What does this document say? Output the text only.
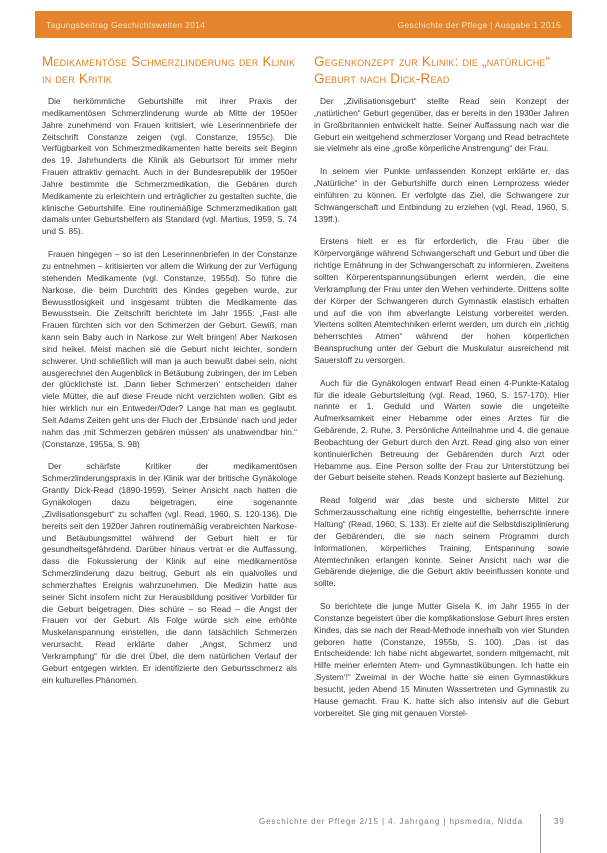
Tagungsbeitrag Geschichtswelten 2014	Geschichte der Pflege | Ausgabe 1 2015
Medikamentöse Schmerzlinderung der Klinik in der Kritik

Die herkömmliche Geburtshilfe mit ihrer Praxis der medikamentösen Schmerzlinderung wurde ab Mitte der 1950er Jahre zunehmend von Frauen kritisiert, wie Leserinnenbriefe der Zeitschrift Constanze zeigen (vgl. Constanze, 1955c). Die Verfügbarkeit von Schmerzmedikamenten hatte bereits seit Beginn des 19. Jahrhunderts die Klinik als Geburtsort für immer mehr Frauen attraktiv gemacht. Auch in der Bundesrepublik der 1950er Jahre bestimmte die Schmerzmedikation, die Gebären durch Medikamente zu erleichtern und erträglicher zu gestalten suchte, die klinische Geburtshilfe. Eine routinemäßige Schmerzmedikation galt damals unter Geburtshelfern als Standard (vgl. Martius, 1959, S. 74 und S. 85).

Frauen hingegen – so ist den Leserinnenbriefen in der Constanze zu entnehmen – kritisierten vor allem die Wirkung der zur Verfügung stehenden Medikamente (vgl. Constanze, 1955d). So führe die Narkose, die beim Durchtritt des Kindes gegeben wurde, zur Bewusstlosigkeit und insgesamt trübten die Medikamente das Bewusstsein. Die Zeitschrift berichtete im Jahr 1955: „Fast alle Frauen fürchten sich vor den Schmerzen der Geburt. Gewiß, man kann sein Baby auch in Narkose zur Welt bringen! Aber Narkosen sind heikel. Meist machen sie die Geburt nicht leichter, sondern schwerer. Und schließlich will man ja auch bewußt dabei sein, nicht ausgerechnet den Augenblick in Betäubung zubringen, der im Leben der glücklichste ist. ‚Dann lieber Schmerzen‘ entscheiden daher viele Mütter, die auf diese Freude nicht verzichten wollen. Gibt es hier wirklich nur ein Entweder/Oder? Lange hat man es geglaubt. Seit Adams Zeiten geht uns der Fluch der ‚Erbsünde‘ nach und jeder nahm das ‚mit Schmerzen gebären müssen‘ als unabwendbar hin.“ (Constanze, 1955a, S. 98)

Der schärfste Kritiker der medikamentösen Schmerzlinderungspraxis in der Klinik war der britische Gynäkologe Grantly Dick-Read (1890-1959). Seiner Ansicht nach hatten die Gynäkologen dazu beigetragen, eine sogenannte „Zivilisationsgeburt“ zu schaffen (vgl. Read, 1960, S. 120-136). Die bereits seit den 1920er Jahren routinemäßig verabreichten Narkose- und Betäubungsmittel während der Geburt hielt er für gesundheitsgefährdend. Darüber hinaus vertrat er die Auffassung, dass die Fokussierung der Klinik auf eine medikamentöse Schmerzlinderung dazu beitrug, Geburt als ein qualvolles und schmerzhaftes Ereignis wahrzunehmen. Die Medizin hatte aus seiner Sicht insofern nicht zur Herausbildung positiver Vorbilder für die Geburt beigetragen. Dies schüre – so Read – die Angst der Frauen vor der Geburt. Als Folge würde sich eine erhöhte Muskelanspannung einstellen, die dann tatsächlich Schmerzen verursacht. Read erklärte daher „Angst, Schmerz und Verkrampfung“ für die drei Übel, die dem natürlichen Verlauf der Geburt entgegen wirkten. Er identifizierte den Geburtsschmerz als ein kulturelles Phänomen.

Gegenkonzept zur Klinik: die „natürliche“ Geburt nach Dick-Read

Der „Zivilisationsgeburt“ stellte Read sein Konzept der „natürlichen“ Geburt gegenüber, das er bereits in den 1930er Jahren in Großbritannien entwickelt hatte. Seiner Auffassung nach war die Geburt ein weitgehend schmerzloser Vorgang und Read betrachtete sie vielmehr als eine „große körperliche Anstrengung“ der Frau.

In seinem vier Punkte umfassenden Konzept erklärte er, das „Natürliche“ in der Geburtshilfe durch einen Lernprozess wieder einführen zu können. Er verfolgte das Ziel, die Schwangere zur Schwangerschaft und Entbindung zu erziehen (vgl. Read, 1960, S. 139ff.).

Erstens hielt er es für erforderlich, die Frau über die Körpervorgänge während Schwangerschaft und Geburt und über die richtige Ernährung in der Schwangerschaft zu informieren. Zweitens sollten Körperentspannungsübungen erlernt werden, die eine Verkrampfung der Frau unter den Wehen verhinderte. Drittens sollte der Körper der Schwangeren durch Gymnastik elastisch erhalten und auf die von ihm abverlangte Leistung vorbereitet werden. Viertens sollten Atemtechniken erlernt werden, um durch ein „richtig beherrschtes Atmen“ während der hohen körperlichen Beanspruchung unter der Geburt die Muskulatur ausreichend mit Sauerstoff zu versorgen.

Auch für die Gynäkologen entwarf Read einen 4-Punkte-Katalog für die ideale Geburtsleitung (vgl. Read, 1960, S. 157-170). Hier nannte er 1. Geduld und Warten sowie die ungeteilte Aufmerksamkeit einer Hebamme oder eines Arztes für die Gebärende, 2. Ruhe, 3. Persönliche Anteilnahme und 4. die genaue Beobachtung der Geburt durch den Arzt. Read ging also von einer kontinuierlichen Betreuung der Gebärenden durch Arzt oder Hebamme aus. Eine Person sollte der Frau zur Unterstützung bei der Geburt beiseite stehen. Reads Konzept basierte auf Beziehung.

Read folgend war „das beste und sicherste Mittel zur Schmerzausschaltung eine richtig eingestellte, beherrschte innere Haltung“ (Read, 1960, S. 133). Er zielte auf die Selbstdisziplinierung der Gebärenden, die sie nach seinem Programm durch Informationen, körperliches Training, Entspannung sowie Atemtechniken erlangen konnte. Seiner Ansicht nach war die Gebärende diejenige, die die Geburt aktiv beeinflussen konnte und sollte.

So berichtete die junge Mutter Gisela K. im Jahr 1955 in der Constanze begeistert über die komplikationslose Geburt ihres ersten Kindes, das sie nach der Read-Methode innerhalb von vier Stunden geboren hatte (Constanze, 1955b, S. 100). „Das ist das Entscheidende: Ich habe nicht abgewartet, sondern mitgemacht, mit Hilfe meiner erlernten Atem- und Gymnastikübungen. Ich hatte ein ‚System‘!“ Zweimal in der Woche hatte sie einen Gymnastikkurs besucht, jeden Abend 15 Minuten Wassertreten und Gymnastik zu Hause gemacht. Frau K. hatte sich also intensiv auf die Geburt vorbereitet. Sie ging mit genauen Vorstel-

Geschichte der Pflege 2/15 | 4. Jahrgang | hpsmedia, Nidda	39
